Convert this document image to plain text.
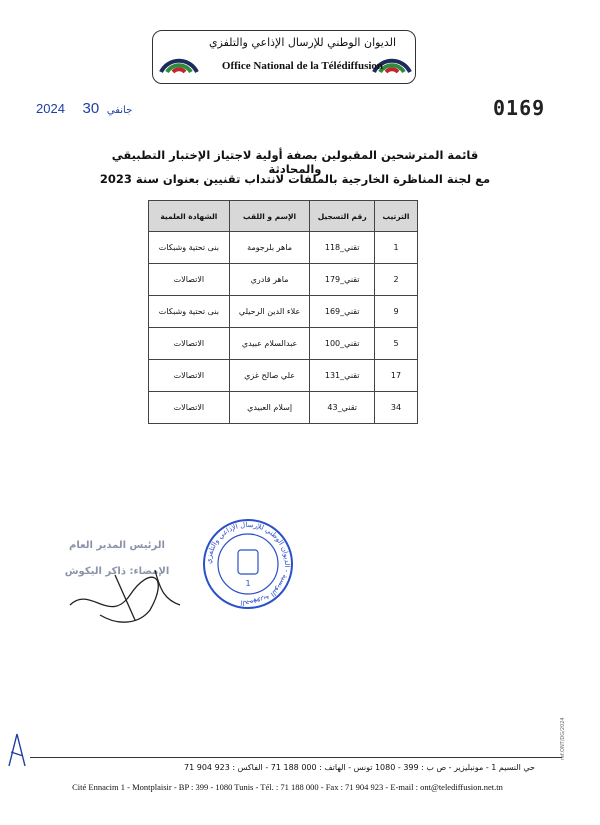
الديوان الوطني للإرسال الإذاعي والتلفزي
Office National de la Télédiffusion
2024	جانفي 30	0169
قائمة المترشحين المقبولين بصفة أولية لاجتياز الإختبار التطبيقي والمحادثة
مع لجنة المناظرة الخارجية بالملفات لانتداب تقنيين بعنوان سنة 2023
الترتيب	رقم التسجيل	الإسم و اللقب	الشهادة العلمية
1	تقني_118	ماهر بلرجومة	بنى تحتية وشبكات
2	تقني_179	ماهر قادري	الاتصالات
9	تقني_169	علاء الدين الرحيلي	بنى تحتية وشبكات
5	تقني_100	عبدالسلام عبيدي	الاتصالات
17	تقني_131	علي صالح غزي	الاتصالات
34	تقني_43	إسلام العبيدي	الاتصالات
الرئيس المدير العام
الإمضاء: ذاكر اليكوش
الجمهورية التونسية - الديوان الوطني للإرسال الإذاعي والتلفزي
1
حي النسيم 1 - مونبليزير - ص ب : 399 - 1080 تونس - الهاتف : 000 188 71 - الفاكس : 923 904 71
Cité Ennacim 1 - Montplaisir - BP : 399 - 1080 Tunis - Tél. : 71 188 000 - Fax : 71 904 923 - E-mail : ont@telediffusion.net.tn
ref.ONT/DG/2024
